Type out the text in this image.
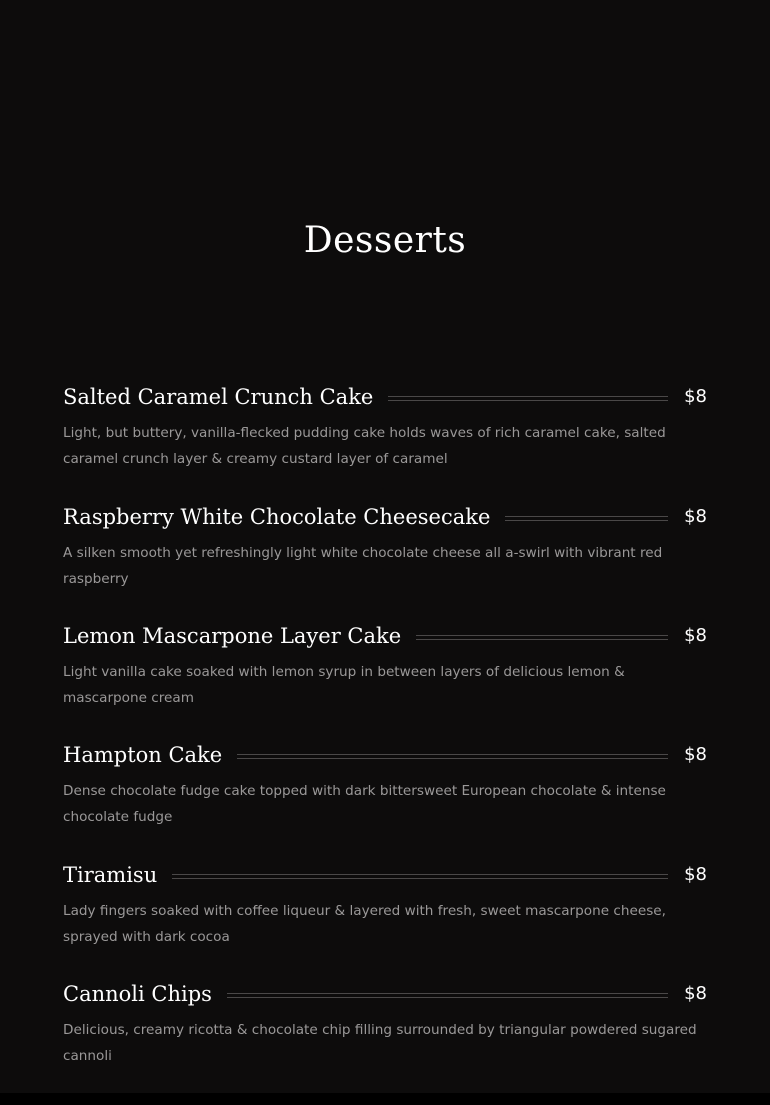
Desserts
Salted Caramel Crunch Cake	$8

Light, but buttery, vanilla-flecked pudding cake holds waves of rich caramel cake, salted caramel crunch layer & creamy custard layer of caramel

Raspberry White Chocolate Cheesecake	$8

A silken smooth yet refreshingly light white chocolate cheese all a-swirl with vibrant red raspberry

Lemon Mascarpone Layer Cake	$8

Light vanilla cake soaked with lemon syrup in between layers of delicious lemon & mascarpone cream

Hampton Cake	$8

Dense chocolate fudge cake topped with dark bittersweet European chocolate & intense chocolate fudge

Tiramisu	$8

Lady fingers soaked with coffee liqueur & layered with fresh, sweet mascarpone cheese, sprayed with dark cocoa

Cannoli Chips	$8

Delicious, creamy ricotta & chocolate chip filling surrounded by triangular powdered sugared cannoli
